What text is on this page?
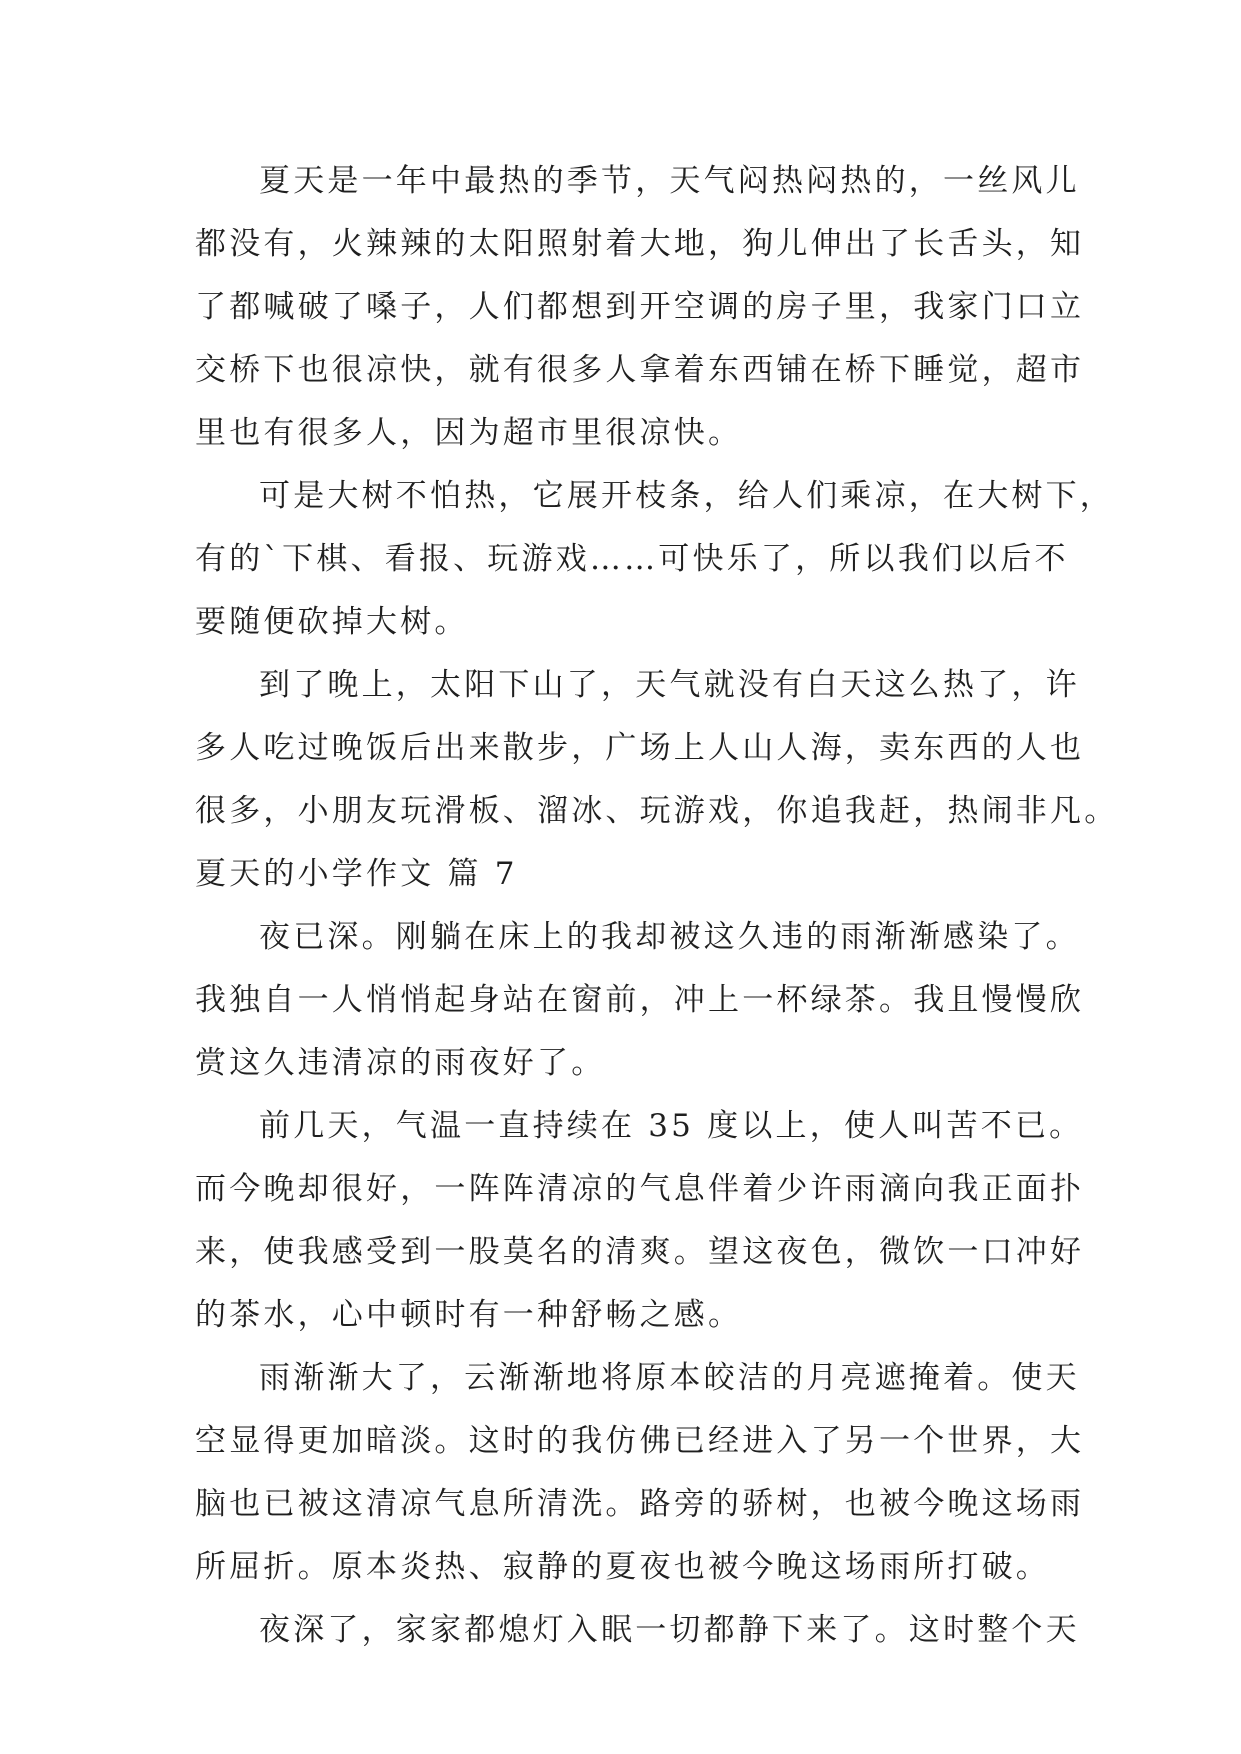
夏天是一年中最热的季节，天气闷热闷热的，一丝风儿
都没有，火辣辣的太阳照射着大地，狗儿伸出了长舌头，知
了都喊破了嗓子，人们都想到开空调的房子里，我家门口立
交桥下也很凉快，就有很多人拿着东西铺在桥下睡觉，超市
里也有很多人，因为超市里很凉快。
可是大树不怕热，它展开枝条，给人们乘凉，在大树下，
有的`下棋、看报、玩游戏……可快乐了，所以我们以后不
要随便砍掉大树。
到了晚上，太阳下山了，天气就没有白天这么热了，许
多人吃过晚饭后出来散步，广场上人山人海，卖东西的人也
很多，小朋友玩滑板、溜冰、玩游戏，你追我赶，热闹非凡。
夏天的小学作文 篇 7
夜已深。刚躺在床上的我却被这久违的雨渐渐感染了。
我独自一人悄悄起身站在窗前，冲上一杯绿茶。我且慢慢欣
赏这久违清凉的雨夜好了。
前几天，气温一直持续在 35 度以上，使人叫苦不已。
而今晚却很好，一阵阵清凉的气息伴着少许雨滴向我正面扑
来，使我感受到一股莫名的清爽。望这夜色，微饮一口冲好
的茶水，心中顿时有一种舒畅之感。
雨渐渐大了，云渐渐地将原本皎洁的月亮遮掩着。使天
空显得更加暗淡。这时的我仿佛已经进入了另一个世界，大
脑也已被这清凉气息所清洗。路旁的骄树，也被今晚这场雨
所屈折。原本炎热、寂静的夏夜也被今晚这场雨所打破。
夜深了，家家都熄灯入眠一切都静下来了。这时整个天
